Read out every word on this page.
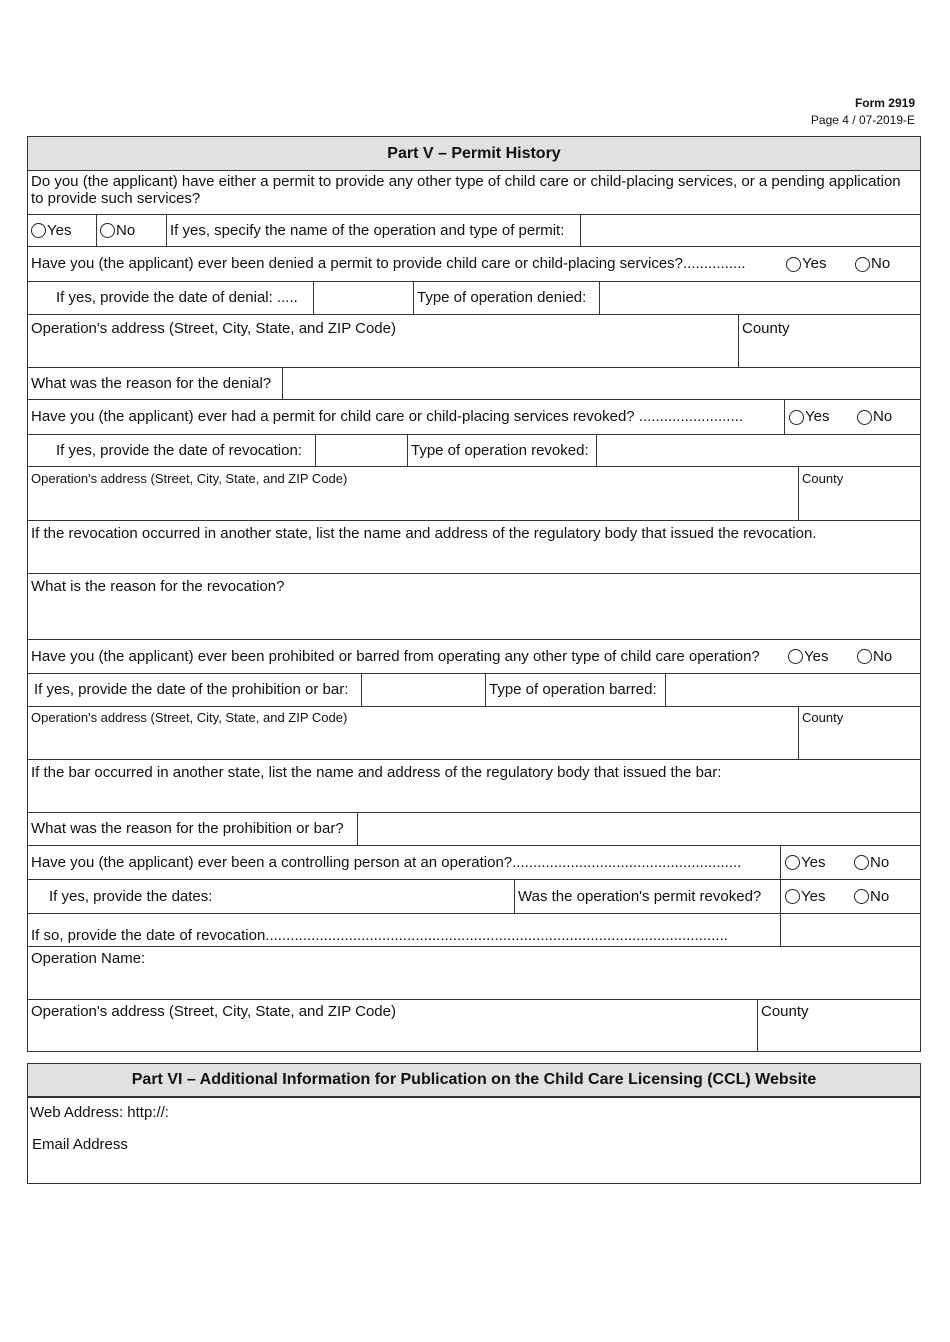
Form 2919
Page 4 / 07-2019-E
Part V – Permit History
Do you (the applicant) have either a permit to provide any other type of child care or child-placing services, or a pending application to provide such services?
Yes	No If yes, specify the name of the operation and type of permit:
Have you (the applicant) ever been denied a permit to provide child care or child-placing services?...............	Yes	No
If yes, provide the date of denial: .....	Type of operation denied:
Operation's address (Street, City, State, and ZIP Code)	County
What was the reason for the denial?
Have you (the applicant) ever had a permit for child care or child-placing services revoked? .........................	Yes	No
If yes, provide the date of revocation:	Type of operation revoked:
Operation's address (Street, City, State, and ZIP Code)	County
If the revocation occurred in another state, list the name and address of the regulatory body that issued the revocation.
What is the reason for the revocation?
Have you (the applicant) ever been prohibited or barred from operating any other type of child care operation?	Yes	No
If yes, provide the date of the prohibition or bar:	Type of operation barred:
Operation's address (Street, City, State, and ZIP Code)	County
If the bar occurred in another state, list the name and address of the regulatory body that issued the bar:
What was the reason for the prohibition or bar?
Have you (the applicant) ever been a controlling person at an operation?.......................................................	Yes	No
If yes, provide the dates:	Was the operation's permit revoked?	Yes	No
If so, provide the date of revocation...............................................................................................................
Operation Name:
Operation's address (Street, City, State, and ZIP Code)	County
Part VI – Additional Information for Publication on the Child Care Licensing (CCL) Website
Web Address: http://:
Email Address
